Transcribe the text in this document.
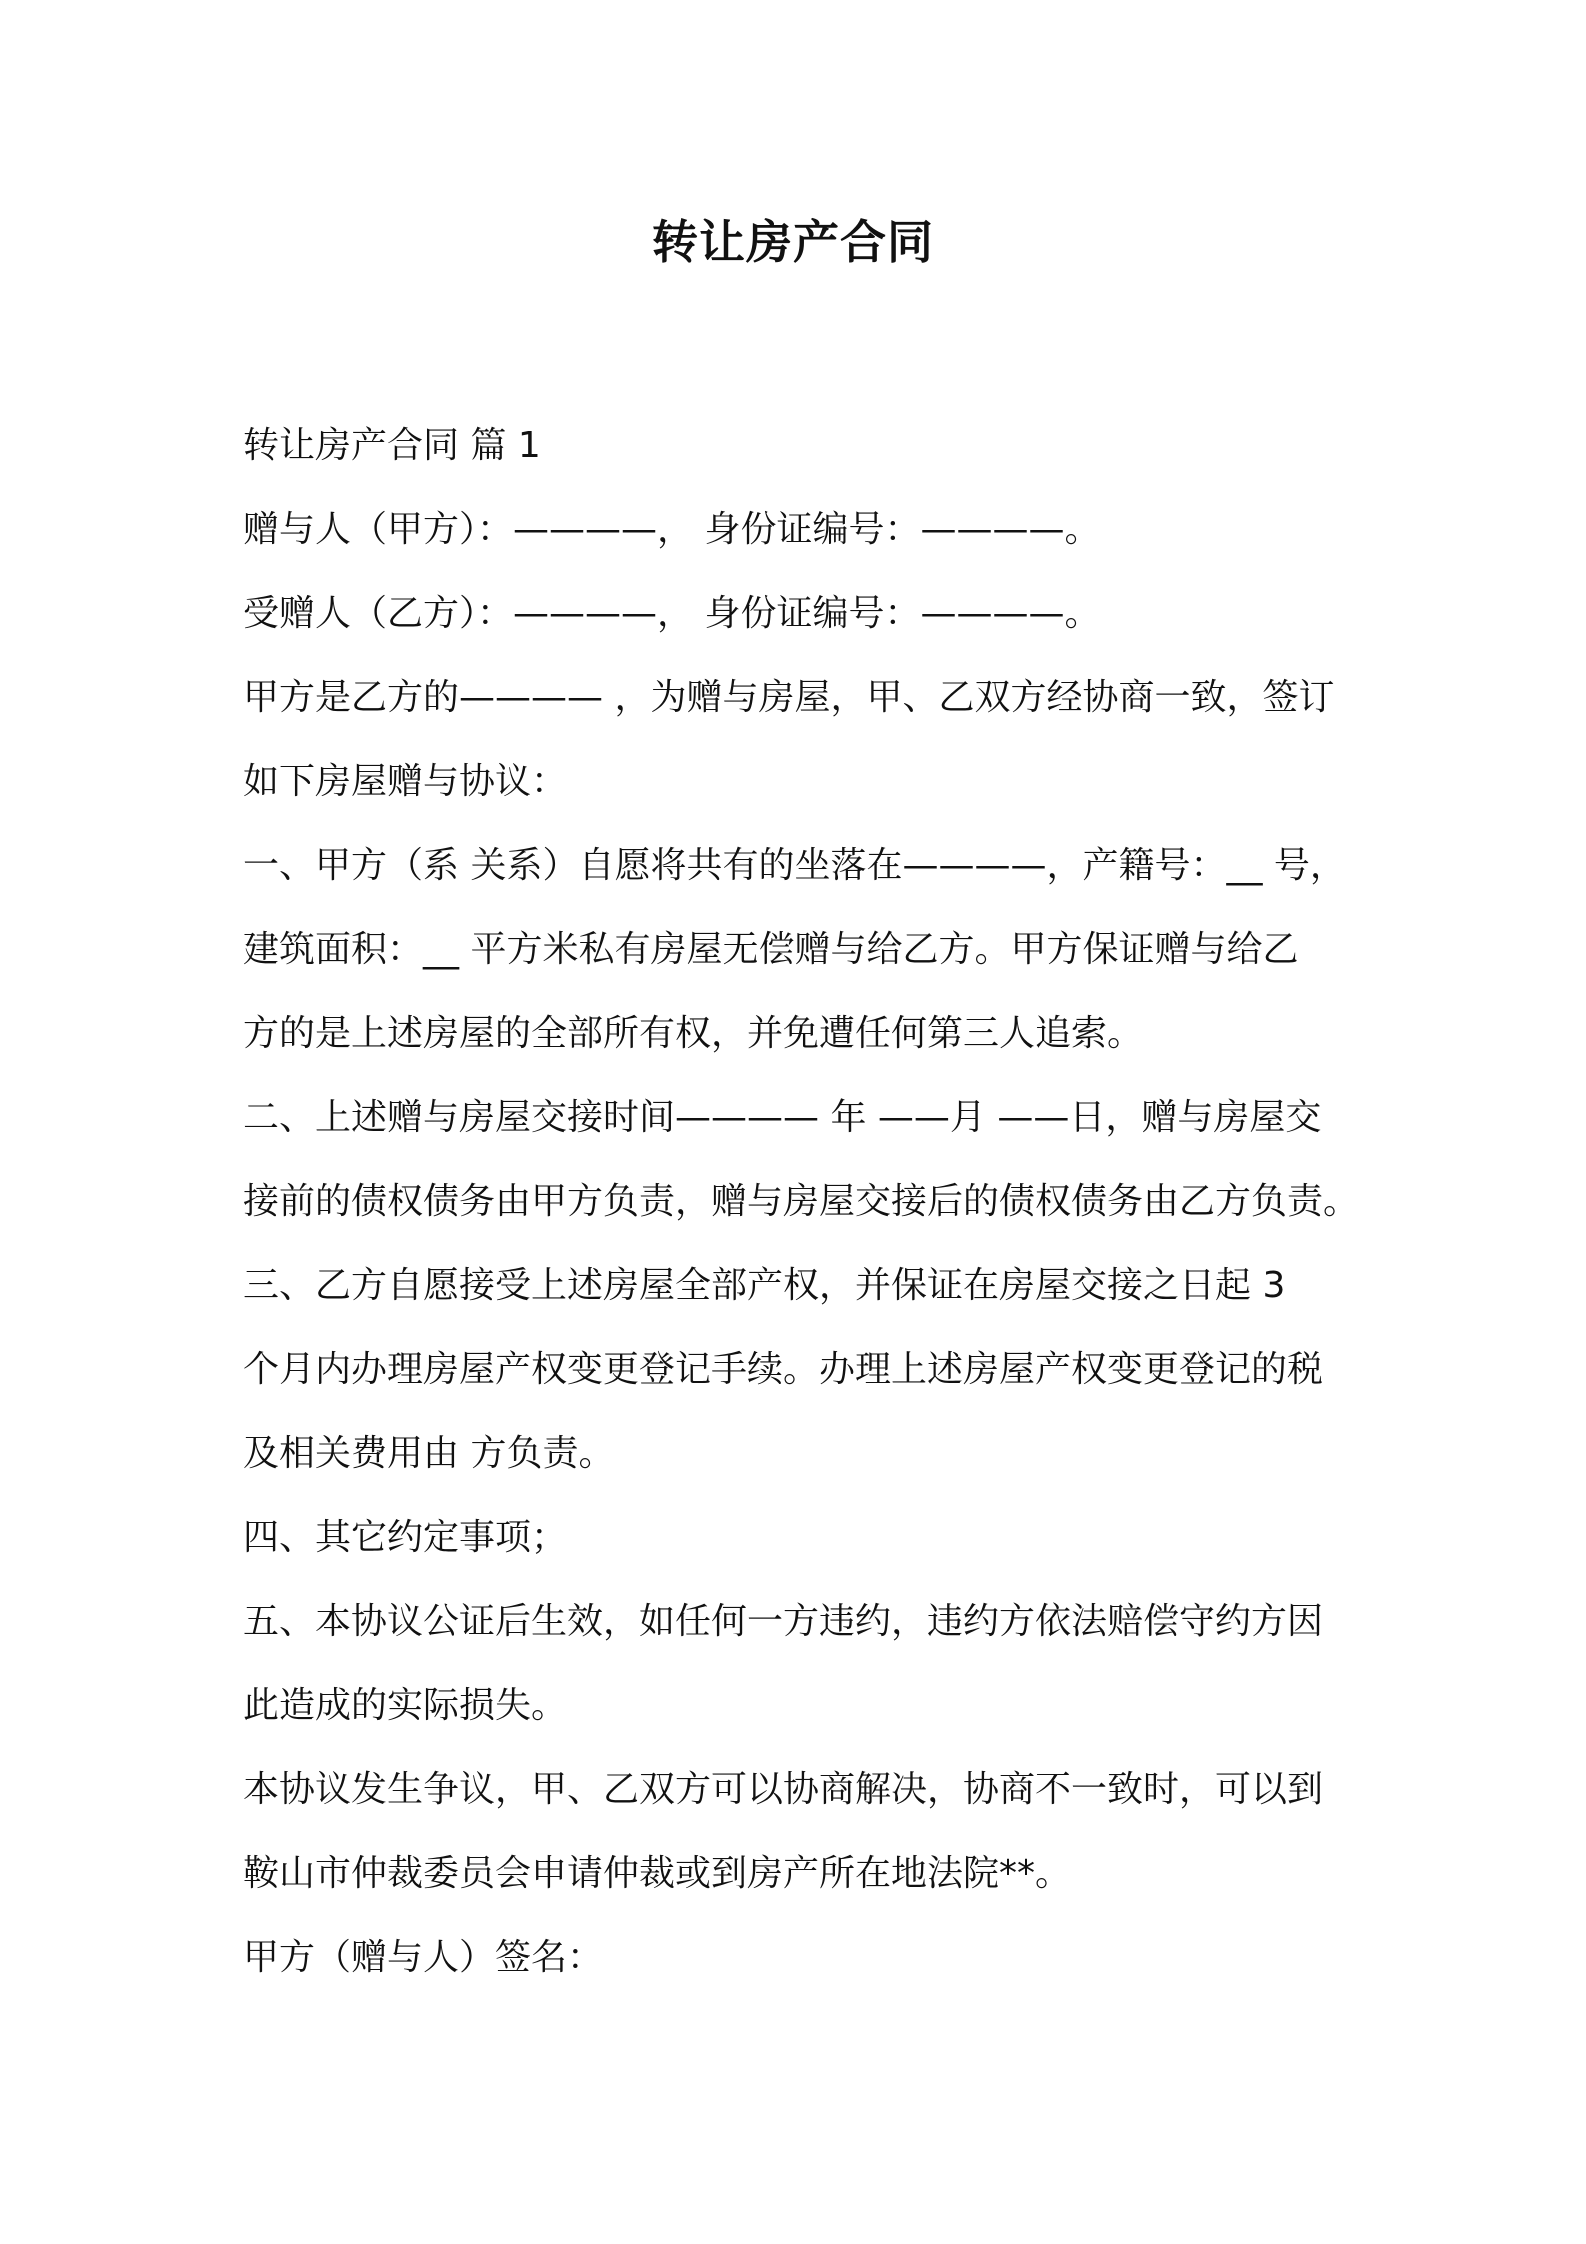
转让房产合同

转让房产合同 篇 1

赠与人（甲方）：————， 身份证编号：————。

受赠人（乙方）：————， 身份证编号：————。

甲方是乙方的———— ，为赠与房屋，甲、乙双方经协商一致，签订

如下房屋赠与协议：

一、甲方（系 关系）自愿将共有的坐落在————，产籍号：__ 号，

建筑面积：__ 平方米私有房屋无偿赠与给乙方。甲方保证赠与给乙

方的是上述房屋的全部所有权，并免遭任何第三人追索。

二、上述赠与房屋交接时间———— 年 ——月 ——日，赠与房屋交

接前的债权债务由甲方负责，赠与房屋交接后的债权债务由乙方负责。

三、乙方自愿接受上述房屋全部产权，并保证在房屋交接之日起 3

个月内办理房屋产权变更登记手续。办理上述房屋产权变更登记的税

及相关费用由 方负责。

四、其它约定事项；

五、本协议公证后生效，如任何一方违约，违约方依法赔偿守约方因

此造成的实际损失。

本协议发生争议，甲、乙双方可以协商解决，协商不一致时，可以到

鞍山市仲裁委员会申请仲裁或到房产所在地法院**。

甲方（赠与人）签名：
